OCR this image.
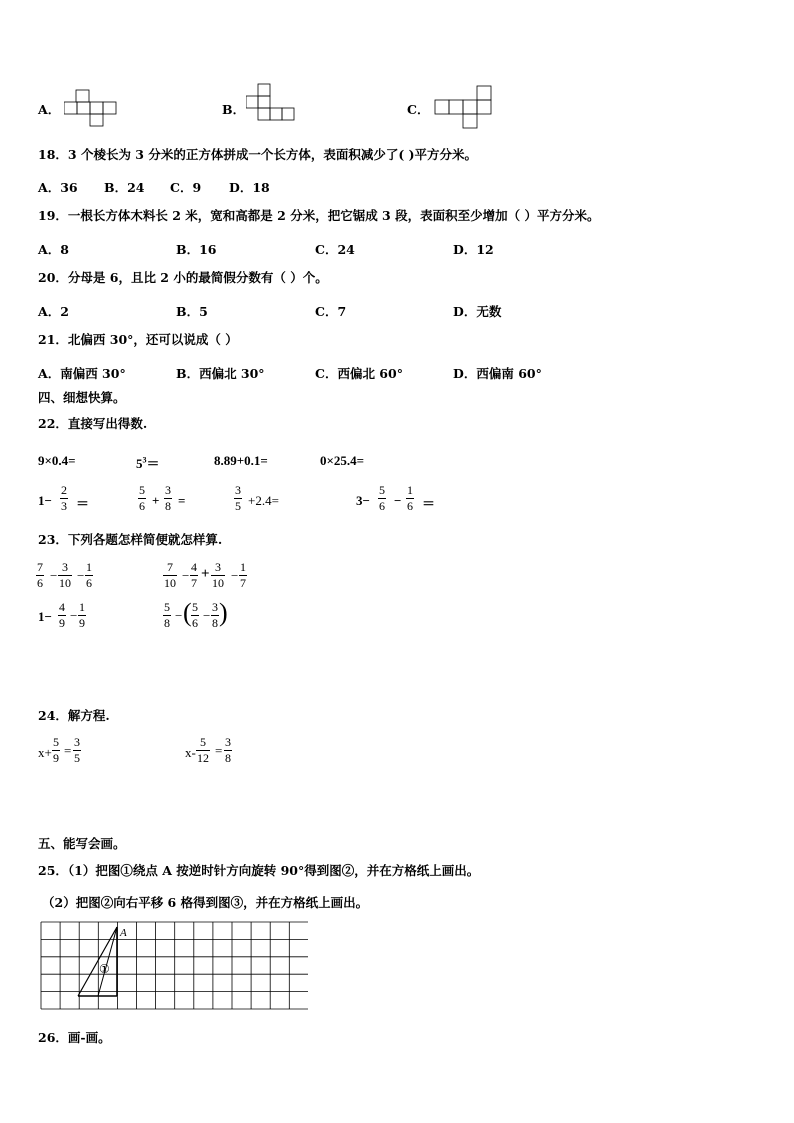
A．	B．	C．
18．3 个棱长为 3 分米的正方体拼成一个长方体，表面积减少了( )平方分米。
A．36 B．24 C．9 D．18
19．一根长方体木料长 2 米，宽和高都是 2 分米，把它锯成 3 段，表面积至少增加（ ）平方分米。
A．8	B．16	C．24	D．12
20．分母是 6，且比 2 小的最简假分数有（ ）个。
A．2	B．5	C．7	D．无数
21．北偏西 30°，还可以说成（ ）
A．南偏西 30°	B．西偏北 30°	C．西偏北 60°	D．西偏南 60°
四、细想快算。
22．直接写出得数.
9×0.4=	$5^3=$	8.89+0.1=	0×25.4=
$1- \frac{2}{3}$ ＝	$\frac{5}{6} + \frac{3}{8}$ =	$\frac{3}{5} +2.4=$	$3- \frac{5}{6} - \frac{1}{6}$ ＝
23．下列各题怎样简便就怎样算.
$\frac{7}{6} - \frac{3}{10} - \frac{1}{6}$	$\frac{7}{10} - \frac{4}{7} + \frac{3}{10} - \frac{1}{7}$
$1- \frac{4}{9} - \frac{1}{9}$	$\frac{5}{8}$ − ( $\frac{5}{6} - \frac{3}{8}$ )
24．解方程.
$x+ \frac{5}{9} = \frac{3}{5}$	$x- \frac{5}{12} = \frac{3}{8}$
五、能写会画。
25．（1）把图①绕点 A 按逆时针方向旋转 90°得到图②，并在方格纸上画出。
（2）把图②向右平移 6 格得到图③，并在方格纸上画出。
A
①
26．画-画。
